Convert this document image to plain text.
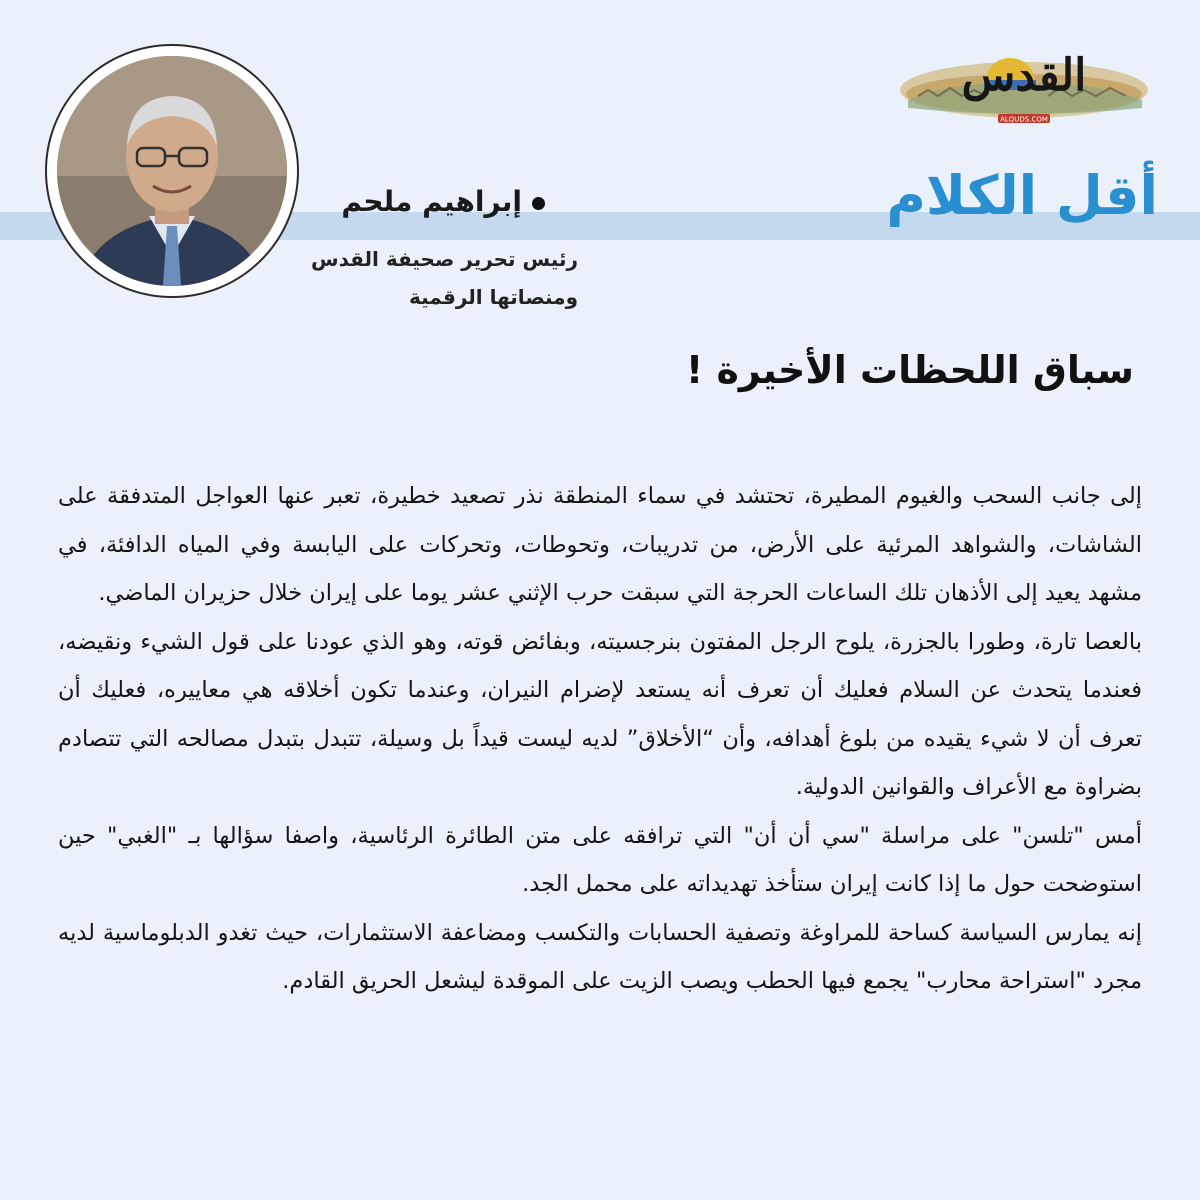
القدس
ALQUDS.COM
أقل الكلام
إبراهيم ملحم
رئيس تحرير صحيفة القدس
ومنصاتها الرقمية
سباق اللحظات الأخيرة !

إلى جانب السحب والغيوم المطيرة، تحتشد في سماء المنطقة نذر تصعيد خطيرة، تعبر عنها العواجل المتدفقة على الشاشات، والشواهد المرئية على الأرض، من تدريبات، وتحوطات، وتحركات على اليابسة وفي المياه الدافئة، في مشهد يعيد إلى الأذهان تلك الساعات الحرجة التي سبقت حرب الإثني عشر يوما على إيران خلال حزيران الماضي.

بالعصا تارة، وطورا بالجزرة، يلوح الرجل المفتون بنرجسيته، وبفائض قوته، وهو الذي عودنا على قول الشيء ونقيضه، فعندما يتحدث عن السلام فعليك أن تعرف أنه يستعد لإضرام النيران، وعندما تكون أخلاقه هي معاييره، فعليك أن تعرف أن لا شيء يقيده من بلوغ أهدافه، وأن “الأخلاق” لديه ليست قيداً بل وسيلة، تتبدل بتبدل مصالحه التي تتصادم بضراوة مع الأعراف والقوانين الدولية.

أمس "تلسن" على مراسلة "سي أن أن" التي ترافقه على متن الطائرة الرئاسية، واصفا سؤالها بـ "الغبي" حين استوضحت حول ما إذا كانت إيران ستأخذ تهديداته على محمل الجد.

إنه يمارس السياسة كساحة للمراوغة وتصفية الحسابات والتكسب ومضاعفة الاستثمارات، حيث تغدو الدبلوماسية لديه مجرد "استراحة محارب" يجمع فيها الحطب ويصب الزيت على الموقدة ليشعل الحريق القادم.
